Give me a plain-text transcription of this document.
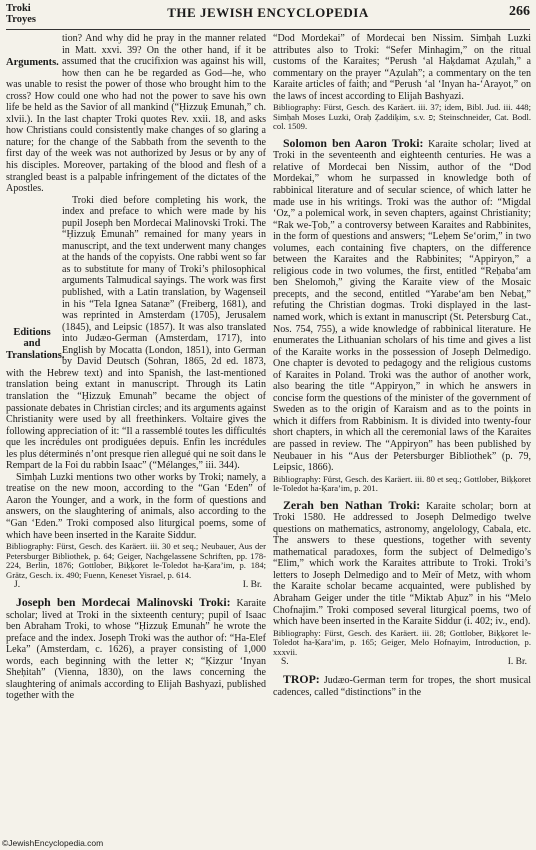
Troki
Troyes	THE JEWISH ENCYCLOPEDIA	266
Arguments.

tion? And why did he pray in the manner related in Matt. xxvi. 39? On the other hand, if it be assumed that the crucifixion was against his will, how then can he be regarded as God—he, who was unable to resist the power of those who brought him to the cross? How could one who had not the power to save his own life be held as the Savior of all mankind (“Ḥizzuḳ Emunah,” ch. xlvii.). In the last chapter Troki quotes Rev. xxii. 18, and asks how Christians could consistently make changes of so glaring a nature; for the change of the Sabbath from the seventh to the first day of the week was not authorized by Jesus or by any of his disciples. Moreover, partaking of the blood and flesh of a strangled beast is a palpable infringement of the dictates of the Apostles.

Editions and Translations.

Troki died before completing his work, the index and preface to which were made by his pupil Joseph ben Mordecai Malinovski Troki. The “Ḥizzuḳ Emunah” remained for many years in manuscript, and the text underwent many changes at the hands of the copyists. One rabbi went so far as to substitute for many of Troki’s philosophical arguments Talmudical sayings. The work was first published, with a Latin translation, by Wagenseil in his “Tela Ignea Satanæ” (Freiberg, 1681), and was reprinted in Amsterdam (1705), Jerusalem (1845), and Leipsic (1857). It was also translated into Judæo-German (Amsterdam, 1717), into English by Mocatta (London, 1851), into German by David Deutsch (Sohran, 1865, 2d ed. 1873, with the Hebrew text) and into Spanish, the last-mentioned translation being extant in manuscript. Through its Latin translation the “Ḥizzuḳ Emunah” became the object of passionate debates in Christian circles; and its arguments against Christianity were used by all freethinkers. Voltaire gives the following appreciation of it: “Il a rassemblé toutes les difficultés que les incrédules ont prodiguées depuis. Enfin les incrédules les plus déterminés n’ont presque rien allegué qui ne soit dans le Rempart de la Foi du rabbin Isaac” (“Mélanges,” iii. 344).

Simḥah Luzki mentions two other works by Troki; namely, a treatise on the new moon, according to the “Gan ‘Eden” of Aaron the Younger, and a work, in the form of questions and answers, on the slaughtering of animals, also according to the “Gan ‘Eden.” Troki composed also liturgical poems, some of which have been inserted in the Karaite Siddur.

Bibliography: Fürst, Gesch. des Karäert. iii. 30 et seq.; Neubauer, Aus der Petersburger Bibliothek, p. 64; Geiger, Nachgelassene Schriften, pp. 178-224, Berlin, 1876; Gottlober, Biḳḳoret le-Toledot ha-Ḳara’im, p. 184; Grätz, Gesch. ix. 490; Fuenn, Keneset Yisrael, p. 614.

J.	I. Br.

Joseph ben Mordecai Malinovski Troki: Karaite scholar; lived at Troki in the sixteenth century; pupil of Isaac ben Abraham Troki, to whose “Ḥizzuḳ Emunah” he wrote the preface and the index. Joseph Troki was the author of: “Ha-Elef Leka” (Amsterdam, c. 1626), a prayer consisting of 1,000 words, each beginning with the letter א; “Ḳizẓur ‘Inyan Sheḥitah” (Vienna, 1830), on the laws concerning the slaughtering of animals according to Elijah Bashyazi, published together with the

“Dod Mordekai” of Mordecai ben Nissim. Simḥah Luzki attributes also to Troki: “Sefer Minhagim,” on the ritual customs of the Karaites; “Perush ‘al Haḳdamat Aẓulah,” a commentary on the prayer “Aẓulah”; a commentary on the ten Karaite articles of faith; and “Perush ‘al ‘Inyan ha-‘Arayot,” on the laws of incest according to Elijah Bashyazi.

Bibliography: Fürst, Gesch. des Karäert. iii. 37; idem, Bibl. Jud. iii. 448; Simḥah Moses Luzki, Oraḥ Ẓaddiḳim, s.v. פ; Steinschneider, Cat. Bodl. col. 1509.

Solomon ben Aaron Troki: Karaite scholar; lived at Troki in the seventeenth and eighteenth centuries. He was a relative of Mordecai ben Nissim, author of the “Dod Mordekai,” whom he surpassed in knowledge both of rabbinical literature and of secular science, of which latter he made use in his writings. Troki was the author of: “Migdal ‘Oz,” a polemical work, in seven chapters, against Christianity; “Rak we-Ṭob,” a controversy between Karaites and Rabbinites, in the form of questions and answers; “Leḥem Se‘orim,” in two volumes, each containing five chapters, on the difference between the Karaites and the Rabbinites; “Appiryon,” a religious code in two volumes, the first, entitled “Reḥaba‘am ben Shelomoh,” giving the Karaite view of the Mosaic precepts, and the second, entitled “Yarabe‘am ben Nebaṭ,” refuting the Christian dogmas. Troki displayed in the last-named work, which is extant in manuscript (St. Petersburg Cat., Nos. 754, 755), a wide knowledge of rabbinical literature. He enumerates the Lithuanian scholars of his time and gives a list of the Karaite works in the possession of Joseph Delmedigo. One chapter is devoted to pedagogy and the religious customs of Karaites in Poland. Troki was the author of another work, also bearing the title “Appiryon,” in which he answers in concise form the questions of the minister of the government of Sweden as to the origin of Karaism and as to the points in which it differs from Rabbinism. It is divided into twenty-four short chapters, in which all the ceremonial laws of the Karaites are passed in review. The “Appiryon” has been published by Neubauer in his “Aus der Petersburger Bibliothek” (p. 79, Leipsic, 1866).

Bibliography: Fürst, Gesch. des Karäert. iii. 80 et seq.; Gottlober, Biḳḳoret le-Toledot ha-Ḳara’im, p. 201.

Zerah ben Nathan Troki: Karaite scholar; born at Troki 1580. He addressed to Joseph Delmedigo twelve questions on mathematics, astronomy, angelology, Cabala, etc. The answers to these questions, together with seventy mathematical paradoxes, form the subject of Delmedigo’s “Elim,” which work the Karaites attribute to Troki. Troki’s letters to Joseph Delmedigo and to Meïr of Metz, with whom the Karaite scholar became acquainted, were published by Abraham Geiger under the title “Miktab Aḥuz” in his “Melo Chofnajim.” Troki composed several liturgical poems, two of which have been inserted in the Karaite Siddur (i. 402; iv., end).

Bibliography: Fürst, Gesch. des Karäert. iii. 28; Gottlober, Biḳḳoret le-Toledot ha-Ḳara’im, p. 165; Geiger, Melo Hofnayim, Introduction, p. xxxvii.

S.	I. Br.

TROP: Judæo-German term for tropes, the short musical cadences, called “distinctions” in the

©JewishEncyclopedia.com
